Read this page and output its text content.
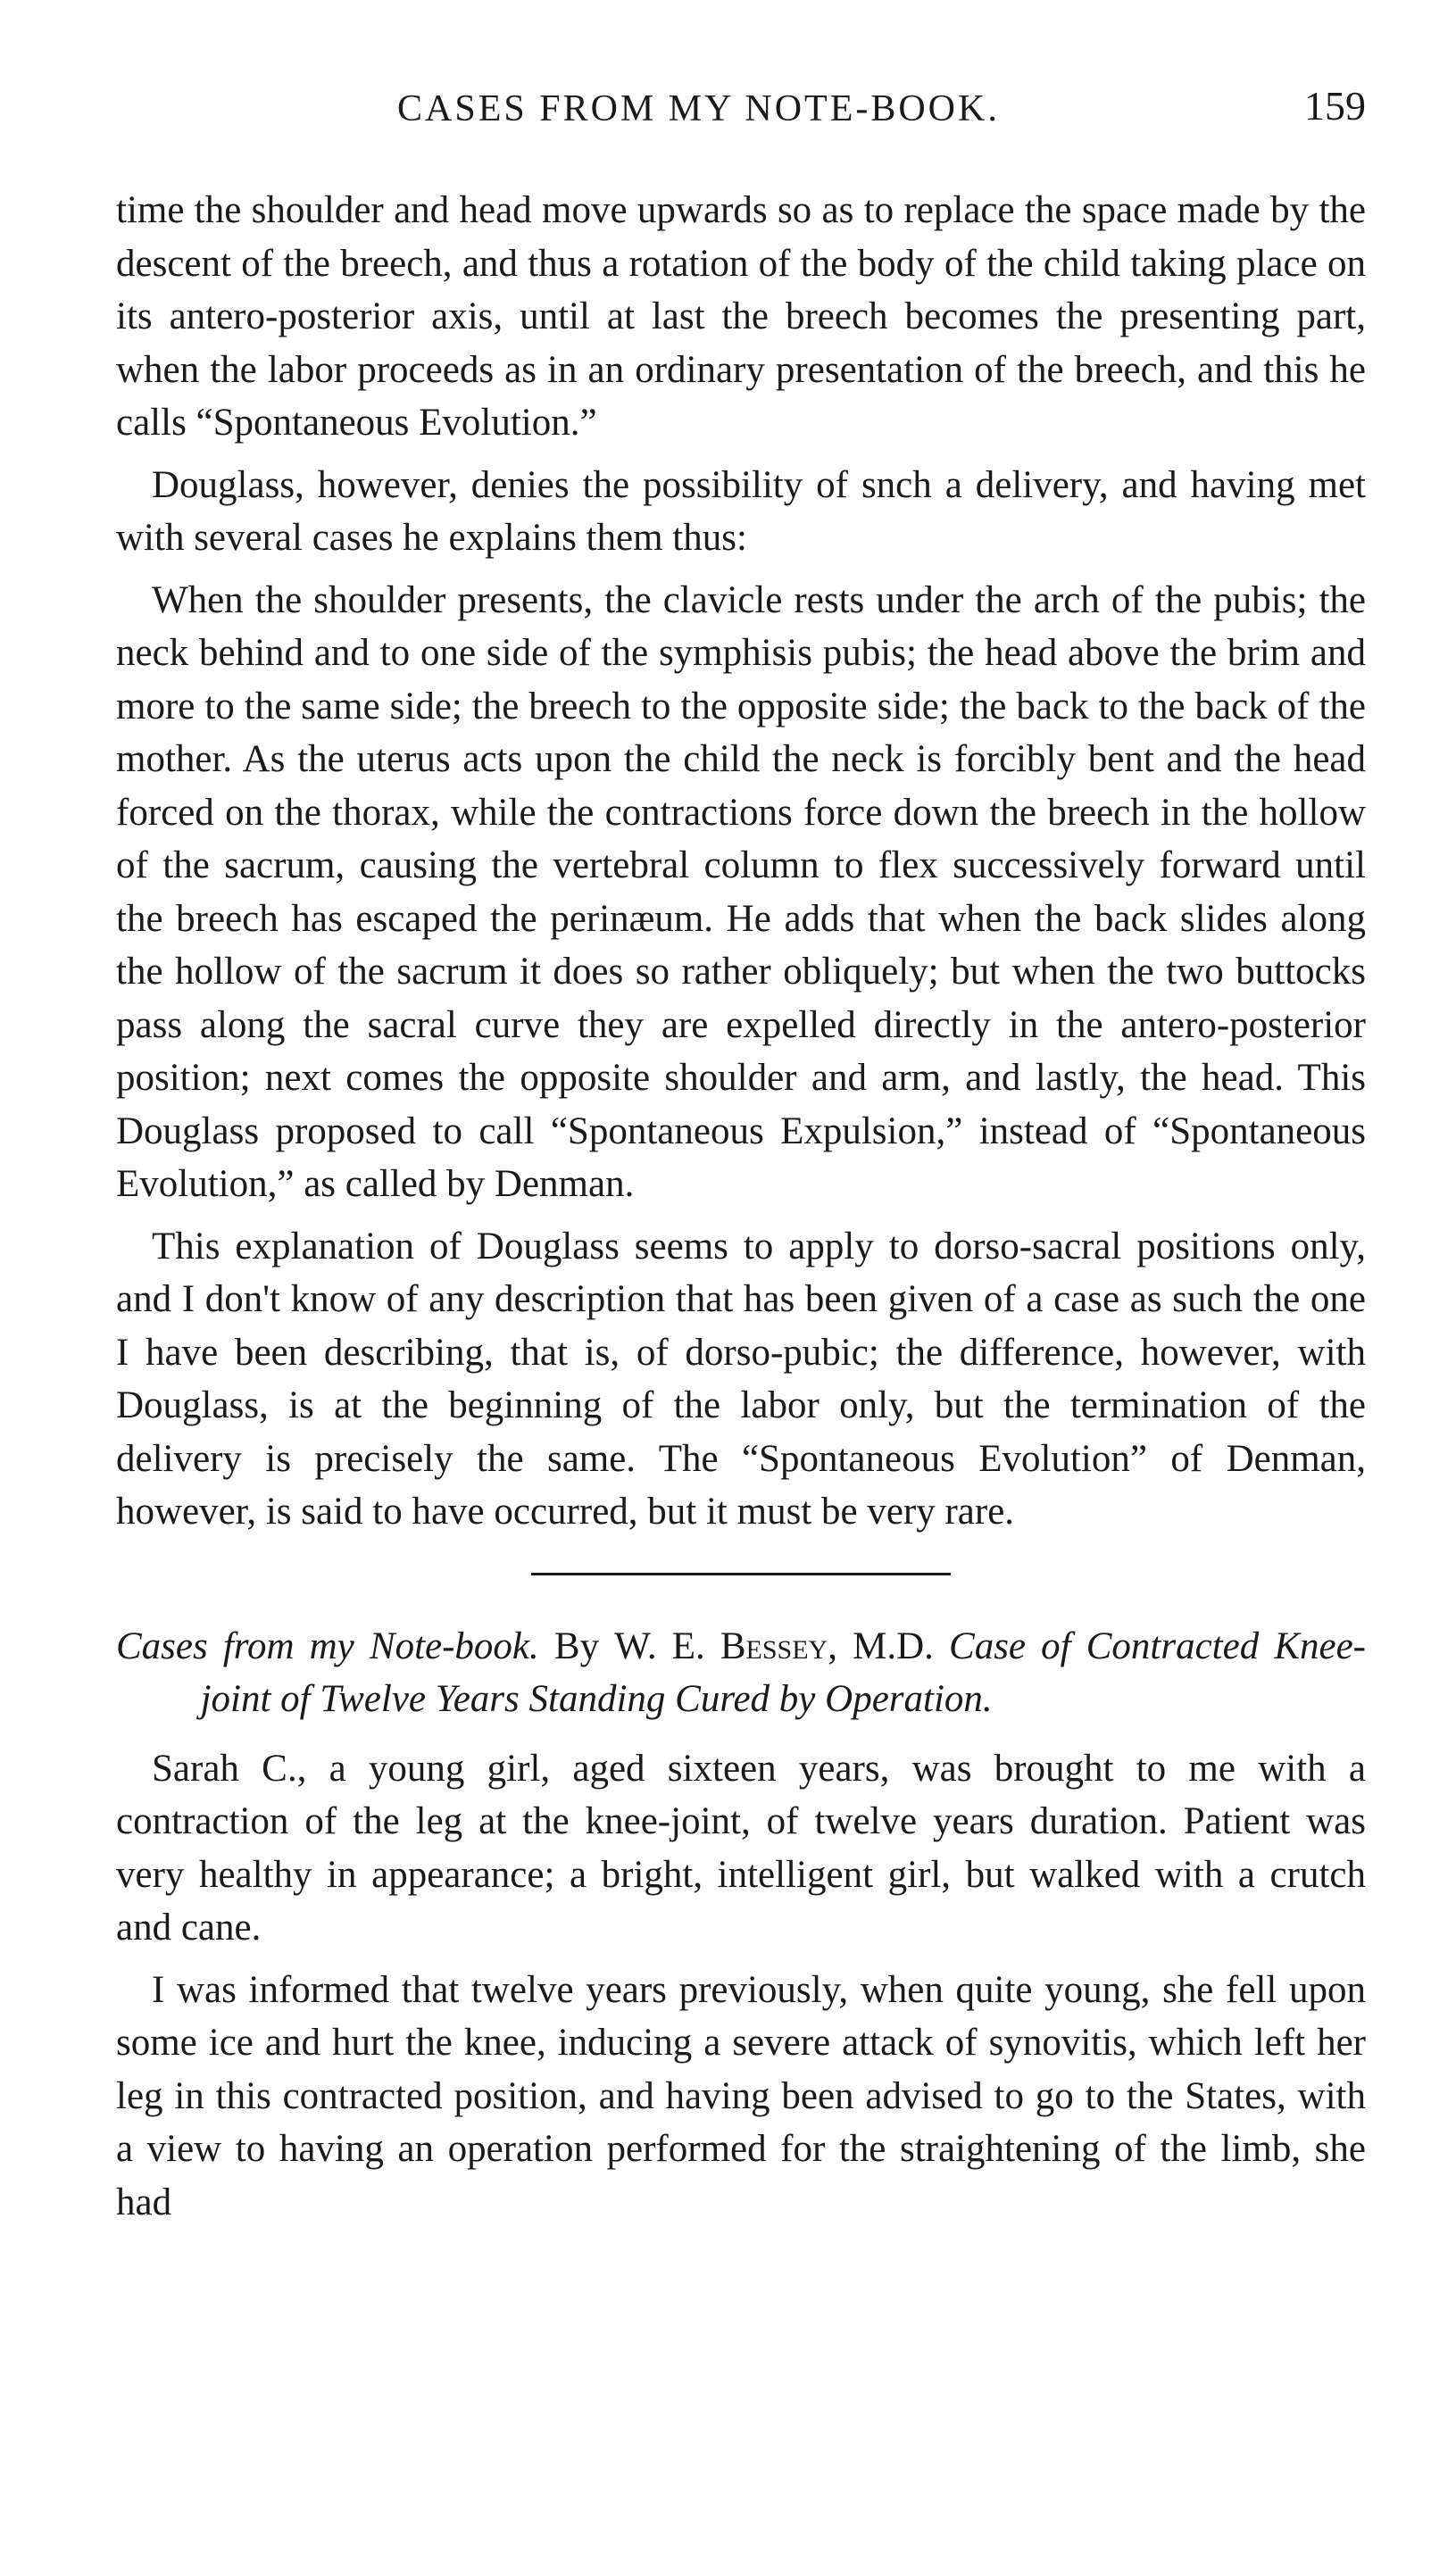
CASES FROM MY NOTE-BOOK.	159

time the shoulder and head move upwards so as to replace the space made by the descent of the breech, and thus a rotation of the body of the child taking place on its antero-posterior axis, until at last the breech becomes the presenting part, when the labor proceeds as in an ordinary presentation of the breech, and this he calls “Spontaneous Evolution.”

Douglass, however, denies the possibility of snch a delivery, and having met with several cases he explains them thus:

When the shoulder presents, the clavicle rests under the arch of the pubis; the neck behind and to one side of the symphisis pubis; the head above the brim and more to the same side; the breech to the opposite side; the back to the back of the mother. As the uterus acts upon the child the neck is forcibly bent and the head forced on the thorax, while the contractions force down the breech in the hollow of the sacrum, causing the vertebral column to flex successively forward until the breech has escaped the perinæum. He adds that when the back slides along the hollow of the sacrum it does so rather obliquely; but when the two buttocks pass along the sacral curve they are expelled directly in the antero-posterior position; next comes the opposite shoulder and arm, and lastly, the head. This Douglass proposed to call “Spontaneous Expulsion,” instead of “Spontaneous Evolution,” as called by Denman.

This explanation of Douglass seems to apply to dorso-sacral positions only, and I don't know of any description that has been given of a case as such the one I have been describing, that is, of dorso-pubic; the difference, however, with Douglass, is at the beginning of the labor only, but the termination of the delivery is precisely the same. The “Spontaneous Evolution” of Denman, however, is said to have occurred, but it must be very rare.

Cases from my Note-book. By W. E. Bessey, M.D. Case of Contracted Knee-joint of Twelve Years Standing Cured by Operation.

Sarah C., a young girl, aged sixteen years, was brought to me with a contraction of the leg at the knee-joint, of twelve years duration. Patient was very healthy in appearance; a bright, intelligent girl, but walked with a crutch and cane.

I was informed that twelve years previously, when quite young, she fell upon some ice and hurt the knee, inducing a severe attack of synovitis, which left her leg in this contracted position, and having been advised to go to the States, with a view to having an operation performed for the straightening of the limb, she had
